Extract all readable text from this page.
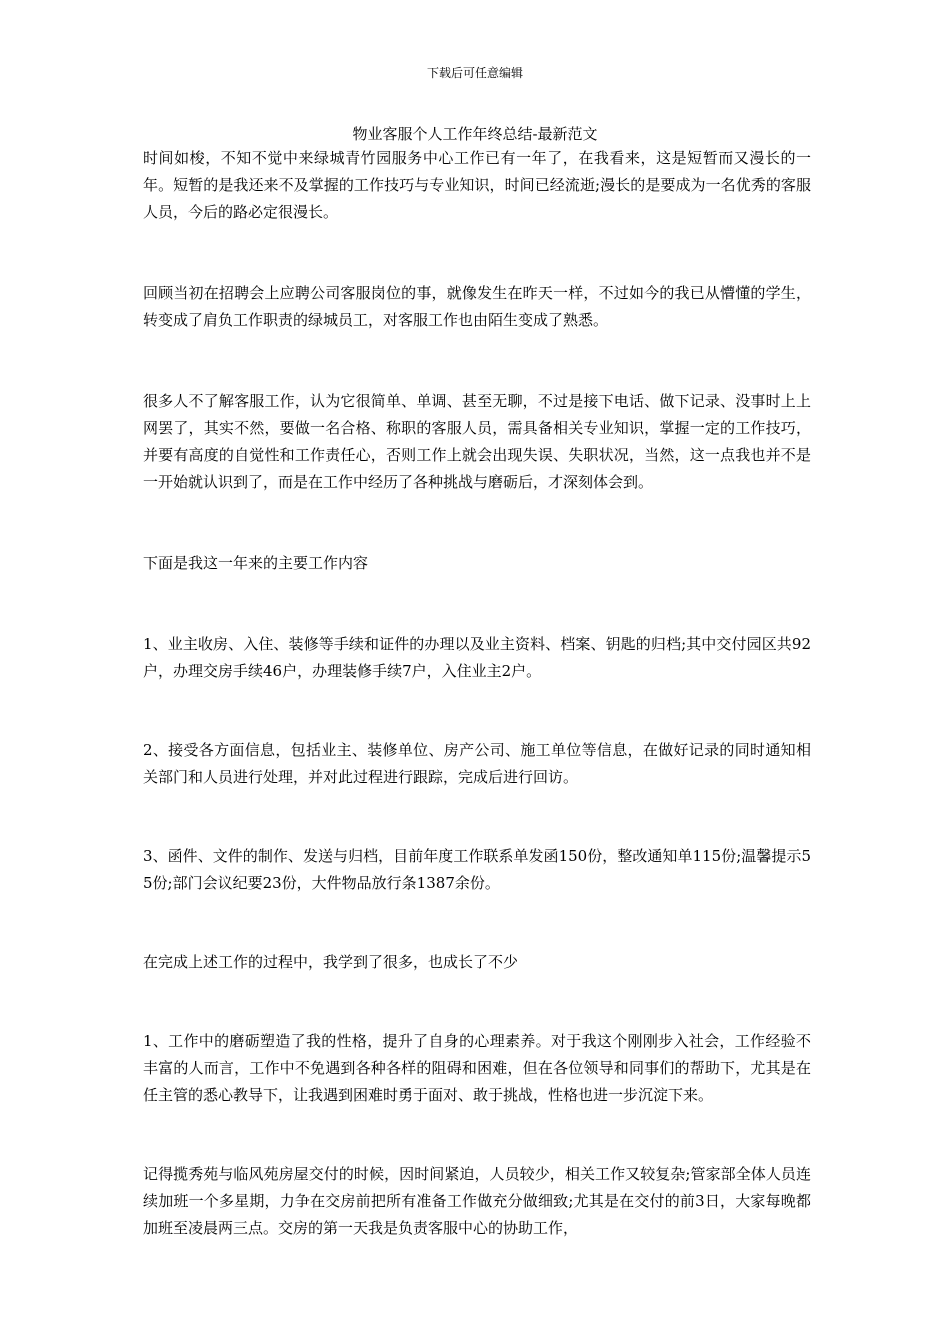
下载后可任意编辑
物业客服个人工作年终总结-最新范文

时间如梭，不知不觉中来绿城青竹园服务中心工作已有一年了，在我看来，这是短暂而又漫长的一年。短暂的是我还来不及掌握的工作技巧与专业知识，时间已经流逝;漫长的是要成为一名优秀的客服人员，今后的路必定很漫长。

回顾当初在招聘会上应聘公司客服岗位的事，就像发生在昨天一样，不过如今的我已从懵懂的学生，转变成了肩负工作职责的绿城员工，对客服工作也由陌生变成了熟悉。

很多人不了解客服工作，认为它很简单、单调、甚至无聊，不过是接下电话、做下记录、没事时上上网罢了，其实不然，要做一名合格、称职的客服人员，需具备相关专业知识，掌握一定的工作技巧，并要有高度的自觉性和工作责任心，否则工作上就会出现失误、失职状况，当然，这一点我也并不是一开始就认识到了，而是在工作中经历了各种挑战与磨砺后，才深刻体会到。

下面是我这一年来的主要工作内容

1、业主收房、入住、装修等手续和证件的办理以及业主资料、档案、钥匙的归档;其中交付园区共92户，办理交房手续46户，办理装修手续7户，入住业主2户。

2、接受各方面信息，包括业主、装修单位、房产公司、施工单位等信息，在做好记录的同时通知相关部门和人员进行处理，并对此过程进行跟踪，完成后进行回访。

3、函件、文件的制作、发送与归档，目前年度工作联系单发函150份，整改通知单115份;温馨提示55份;部门会议纪要23份，大件物品放行条1387余份。

在完成上述工作的过程中，我学到了很多，也成长了不少

1、工作中的磨砺塑造了我的性格，提升了自身的心理素养。对于我这个刚刚步入社会，工作经验不丰富的人而言，工作中不免遇到各种各样的阻碍和困难，但在各位领导和同事们的帮助下，尤其是在任主管的悉心教导下，让我遇到困难时勇于面对、敢于挑战，性格也进一步沉淀下来。

记得揽秀苑与临风苑房屋交付的时候，因时间紧迫，人员较少，相关工作又较复杂;管家部全体人员连续加班一个多星期，力争在交房前把所有准备工作做充分做细致;尤其是在交付的前3日，大家每晚都加班至凌晨两三点。交房的第一天我是负责客服中心的协助工作，
